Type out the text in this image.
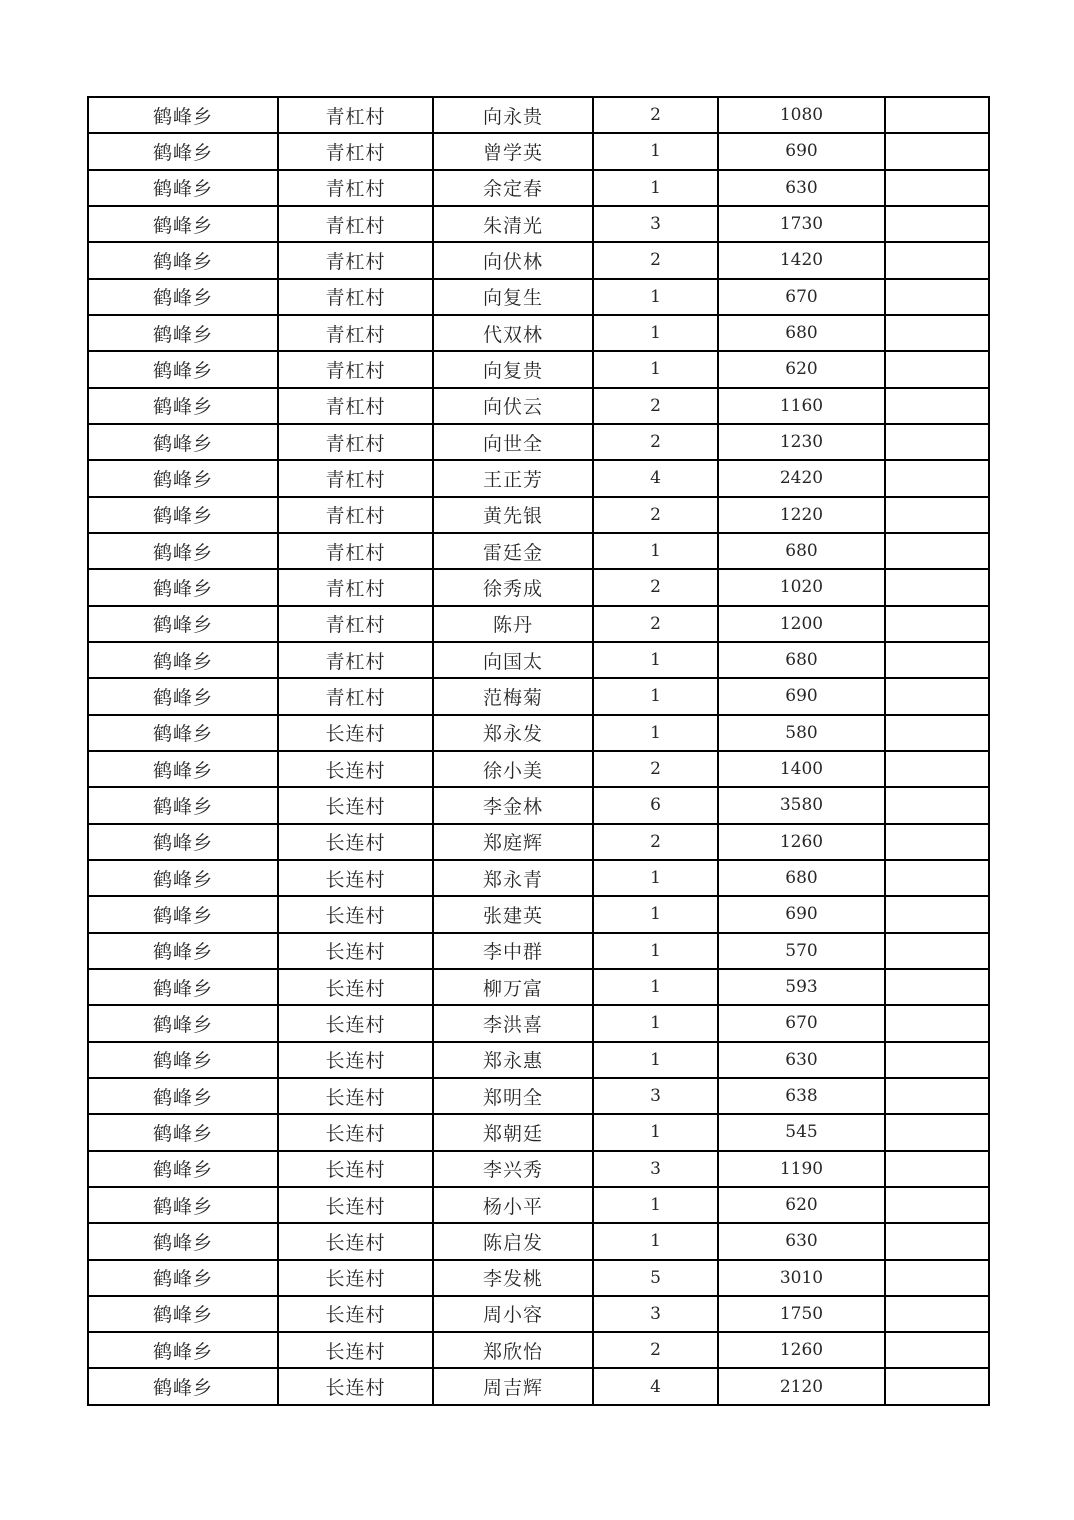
鹤峰乡	青杠村	向永贵	2	1080	
鹤峰乡	青杠村	曾学英	1	690	
鹤峰乡	青杠村	余定春	1	630	
鹤峰乡	青杠村	朱清光	3	1730	
鹤峰乡	青杠村	向伏林	2	1420	
鹤峰乡	青杠村	向复生	1	670	
鹤峰乡	青杠村	代双林	1	680	
鹤峰乡	青杠村	向复贵	1	620	
鹤峰乡	青杠村	向伏云	2	1160	
鹤峰乡	青杠村	向世全	2	1230	
鹤峰乡	青杠村	王正芳	4	2420	
鹤峰乡	青杠村	黄先银	2	1220	
鹤峰乡	青杠村	雷廷金	1	680	
鹤峰乡	青杠村	徐秀成	2	1020	
鹤峰乡	青杠村	陈丹	2	1200	
鹤峰乡	青杠村	向国太	1	680	
鹤峰乡	青杠村	范梅菊	1	690	
鹤峰乡	长连村	郑永发	1	580	
鹤峰乡	长连村	徐小美	2	1400	
鹤峰乡	长连村	李金林	6	3580	
鹤峰乡	长连村	郑庭辉	2	1260	
鹤峰乡	长连村	郑永青	1	680	
鹤峰乡	长连村	张建英	1	690	
鹤峰乡	长连村	李中群	1	570	
鹤峰乡	长连村	柳万富	1	593	
鹤峰乡	长连村	李洪喜	1	670	
鹤峰乡	长连村	郑永惠	1	630	
鹤峰乡	长连村	郑明全	3	638	
鹤峰乡	长连村	郑朝廷	1	545	
鹤峰乡	长连村	李兴秀	3	1190	
鹤峰乡	长连村	杨小平	1	620	
鹤峰乡	长连村	陈启发	1	630	
鹤峰乡	长连村	李发桃	5	3010	
鹤峰乡	长连村	周小容	3	1750	
鹤峰乡	长连村	郑欣怡	2	1260	
鹤峰乡	长连村	周吉辉	4	2120	
